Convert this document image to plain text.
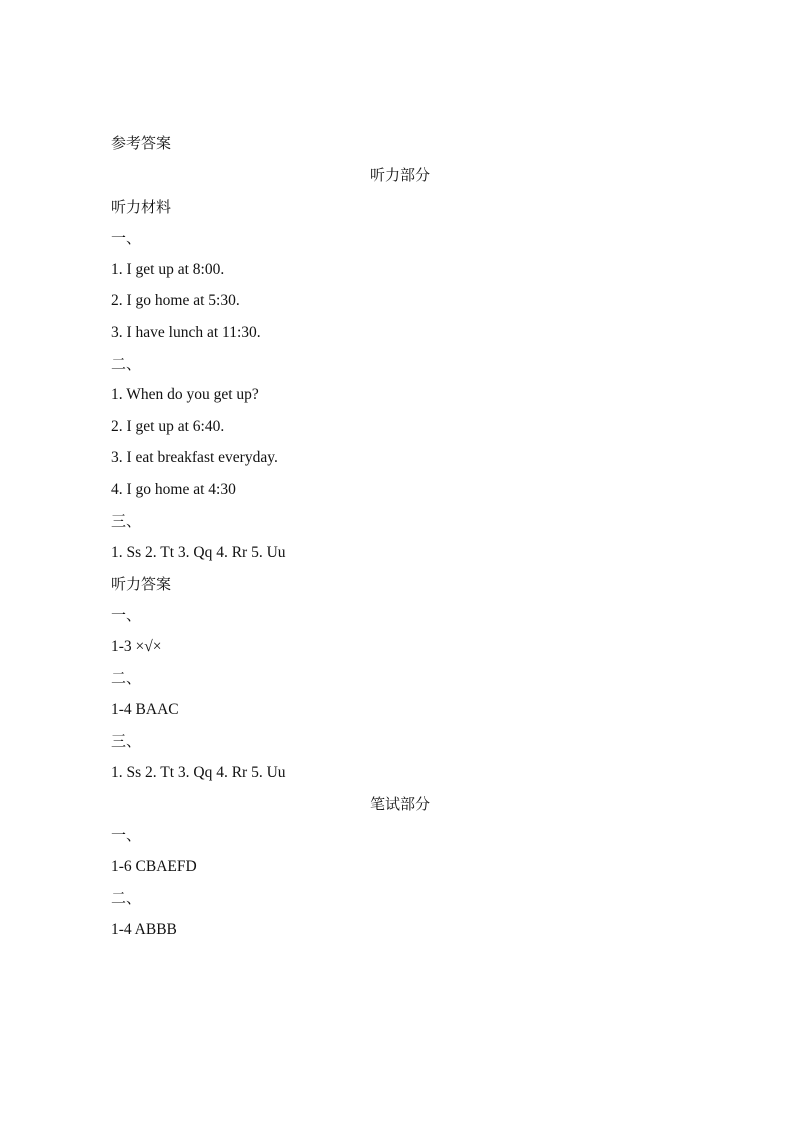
参考答案
听力部分
听力材料
一、
1. I get up at 8:00.
2. I go home at 5:30.
3. I have lunch at 11:30.
二、
1. When do you get up?
2. I get up at 6:40.
3. I eat breakfast everyday.
4. I go home at 4:30
三、
1. Ss 2. Tt 3. Qq 4. Rr 5. Uu
听力答案
一、
1-3 ×√×
二、
1-4 BAAC
三、
1. Ss 2. Tt 3. Qq 4. Rr 5. Uu
笔试部分
一、
1-6 CBAEFD
二、
1-4 ABBB
